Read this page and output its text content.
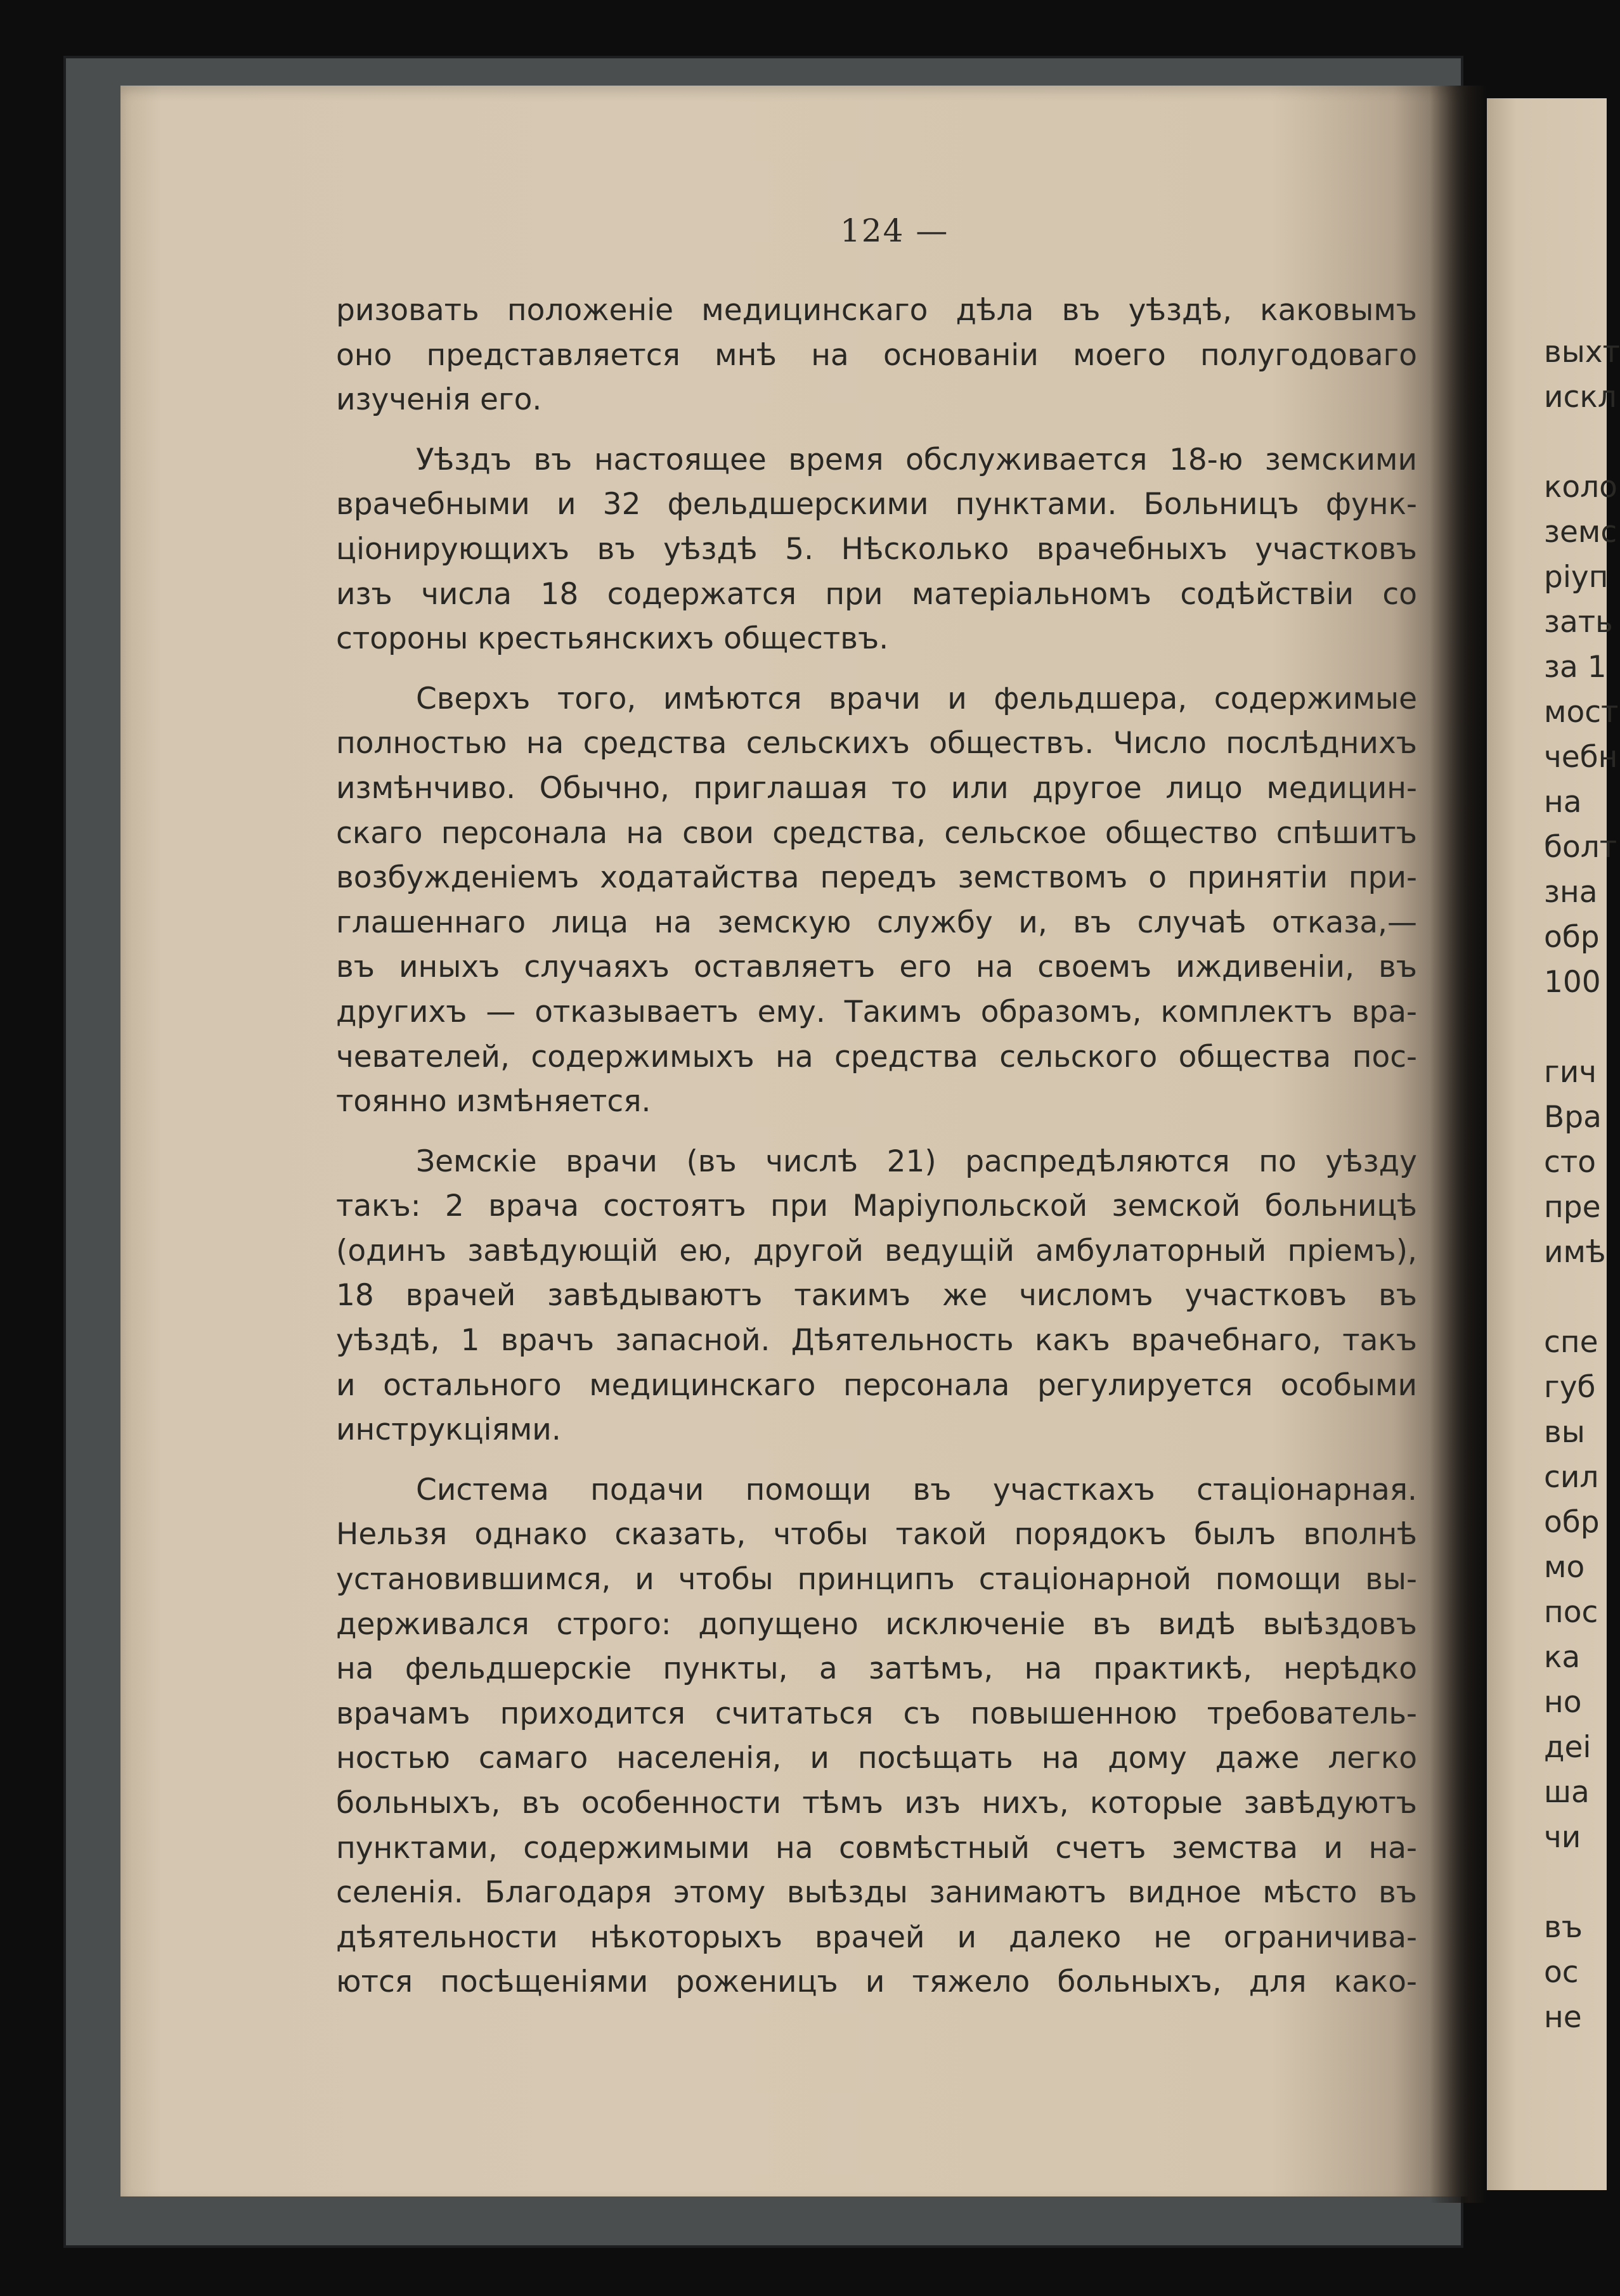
124 —
ризовать положенiе медицинскаго дѣла въ уѣздѣ, каковымъ
оно представляется мнѣ на основанiи моего полугодоваго
изученiя его.
Уѣздъ въ настоящее время обслуживается 18-ю земскими
врачебными и 32 фельдшерскими пунктами. Больницъ функ-
цiонирующихъ въ уѣздѣ 5. Нѣсколько врачебныхъ участковъ
изъ числа 18 содержатся при матерiальномъ содѣйствiи со
стороны крестьянскихъ обществъ.
Сверхъ того, имѣются врачи и фельдшера, содержимые
полностью на средства сельскихъ обществъ. Число послѣднихъ
измѣнчиво. Обычно, приглашая то или другое лицо медицин-
скаго персонала на свои средства, сельское общество спѣшитъ
возбужденiемъ ходатайства передъ земствомъ о принятiи при-
глашеннаго лица на земскую службу и, въ случаѣ отказа,—
въ иныхъ случаяхъ оставляетъ его на своемъ иждивенiи, въ
другихъ — отказываетъ ему. Такимъ образомъ, комплектъ вра-
чевателей, содержимыхъ на средства сельского общества пос-
тоянно измѣняется.
Земскiе врачи (въ числѣ 21) распредѣляются по уѣзду
такъ: 2 врача состоятъ при Марiупольской земской больницѣ
(одинъ завѣдующiй ею, другой ведущiй амбулаторный прiемъ),
18 врачей завѣдываютъ такимъ же числомъ участковъ въ
уѣздѣ, 1 врачъ запасной. Дѣятельность какъ врачебнаго, такъ
и остального медицинскаго персонала регулируется особыми
инструкцiями.
Система подачи помощи въ участкахъ стацiонарная.
Нельзя однако сказать, чтобы такой порядокъ былъ вполнѣ
установившимся, и чтобы принципъ стацiонарной помощи вы-
держивался строго: допущено исключенiе въ видѣ выѣздовъ
на фельдшерскiе пункты, а затѣмъ, на практикѣ, нерѣдко
врачамъ приходится считаться съ повышенною требователь-
ностью самаго населенiя, и посѣщать на дому даже легко
больныхъ, въ особенности тѣмъ изъ нихъ, которые завѣдуютъ
пунктами, содержимыми на совмѣстный счетъ земства и на-
селенiя. Благодаря этому выѣзды занимаютъ видное мѣсто въ
дѣятельности нѣкоторыхъ врачей и далеко не ограничива-
ются посѣщенiями роженицъ и тяжело больныхъ, для како-
выхт
искл
коло
земс
рiуп
зать
за 1
мост
чебн
на
болт
зна
обр
100
гич
Вра
сто
пре
имѣ
спе
губ
вы
сил
обр
мо
пос
ка
но
деі
ша
чи
въ
ос
не
